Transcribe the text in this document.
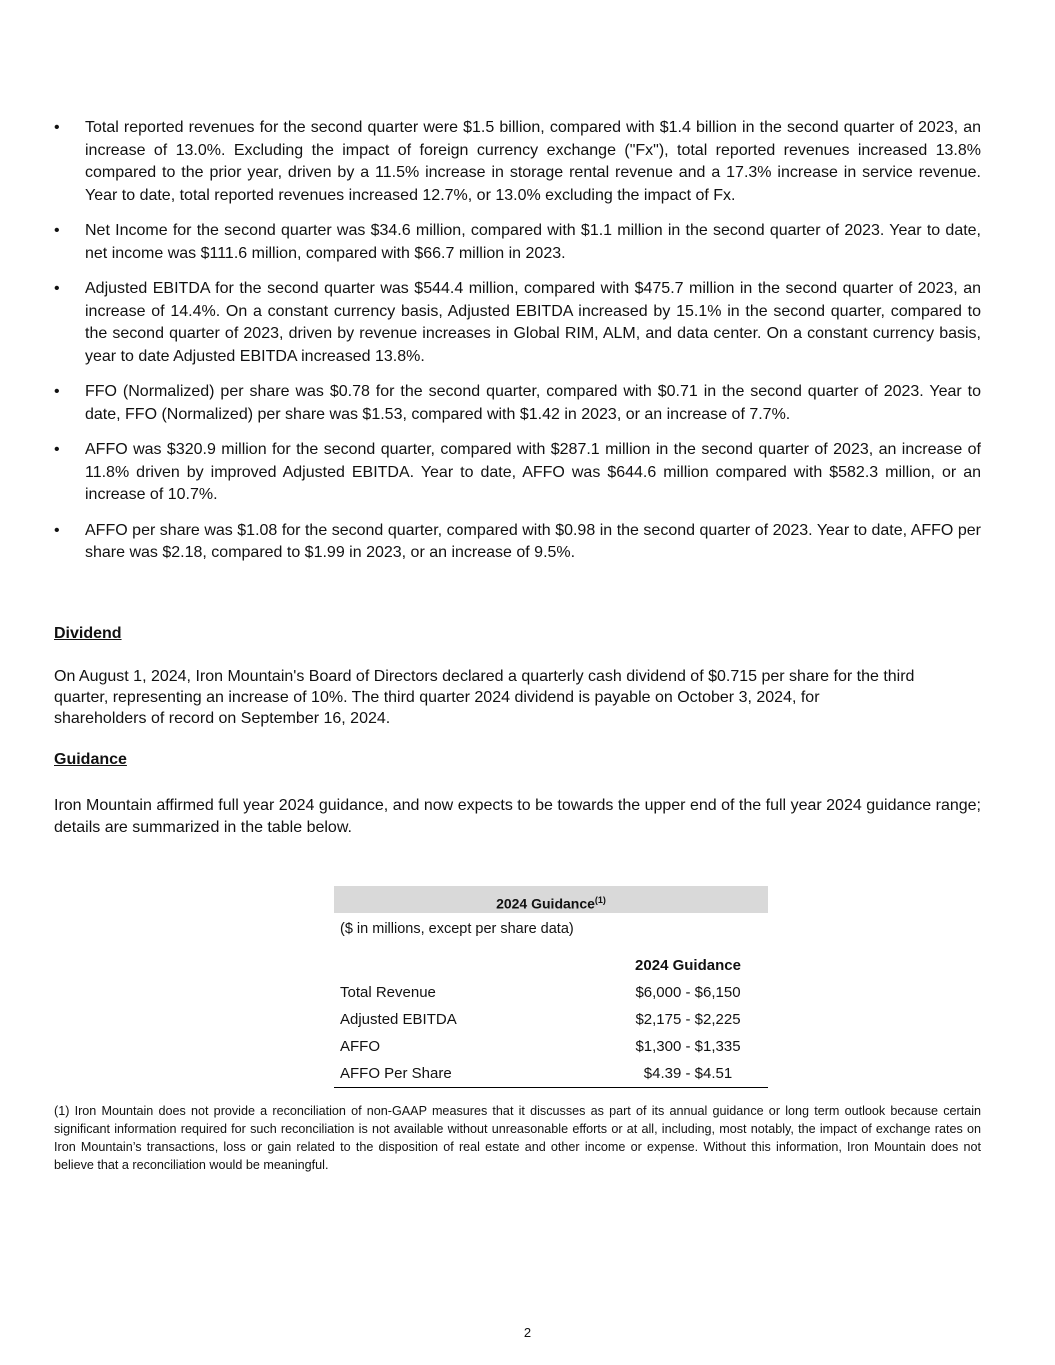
• Total reported revenues for the second quarter were $1.5 billion, compared with $1.4 billion in the second quarter of 2023, an increase of 13.0%. Excluding the impact of foreign currency exchange ("Fx"), total reported revenues increased 13.8% compared to the prior year, driven by a 11.5% increase in storage rental revenue and a 17.3% increase in service revenue. Year to date, total reported revenues increased 12.7%, or 13.0% excluding the impact of Fx.
• Net Income for the second quarter was $34.6 million, compared with $1.1 million in the second quarter of 2023. Year to date, net income was $111.6 million, compared with $66.7 million in 2023.
• Adjusted EBITDA for the second quarter was $544.4 million, compared with $475.7 million in the second quarter of 2023, an increase of 14.4%. On a constant currency basis, Adjusted EBITDA increased by 15.1% in the second quarter, compared to the second quarter of 2023, driven by revenue increases in Global RIM, ALM, and data center. On a constant currency basis, year to date Adjusted EBITDA increased 13.8%.
• FFO (Normalized) per share was $0.78 for the second quarter, compared with $0.71 in the second quarter of 2023. Year to date, FFO (Normalized) per share was $1.53, compared with $1.42 in 2023, or an increase of 7.7%.
• AFFO was $320.9 million for the second quarter, compared with $287.1 million in the second quarter of 2023, an increase of 11.8% driven by improved Adjusted EBITDA. Year to date, AFFO was $644.6 million compared with $582.3 million, or an increase of 10.7%.
• AFFO per share was $1.08 for the second quarter, compared with $0.98 in the second quarter of 2023. Year to date, AFFO per share was $2.18, compared to $1.99 in 2023, or an increase of 9.5%.
Dividend
On August 1, 2024, Iron Mountain's Board of Directors declared a quarterly cash dividend of $0.715 per share for the third
quarter, representing an increase of 10%. The third quarter 2024 dividend is payable on October 3, 2024, for
shareholders of record on September 16, 2024.
Guidance
Iron Mountain affirmed full year 2024 guidance, and now expects to be towards the upper end of the full year 2024 guidance range; details are summarized in the table below.
2024 Guidance$^{(1)}$
($ in millions, except per share data)
2024 Guidance
Total Revenue	$6,000 - $6,150
Adjusted EBITDA	$2,175 - $2,225
AFFO	$1,300 - $1,335
AFFO Per Share	$4.39 - $4.51
(1) Iron Mountain does not provide a reconciliation of non-GAAP measures that it discusses as part of its annual guidance or long term outlook because certain significant information required for such reconciliation is not available without unreasonable efforts or at all, including, most notably, the impact of exchange rates on Iron Mountain’s transactions, loss or gain related to the disposition of real estate and other income or expense. Without this information, Iron Mountain does not believe that a reconciliation would be meaningful.
2
